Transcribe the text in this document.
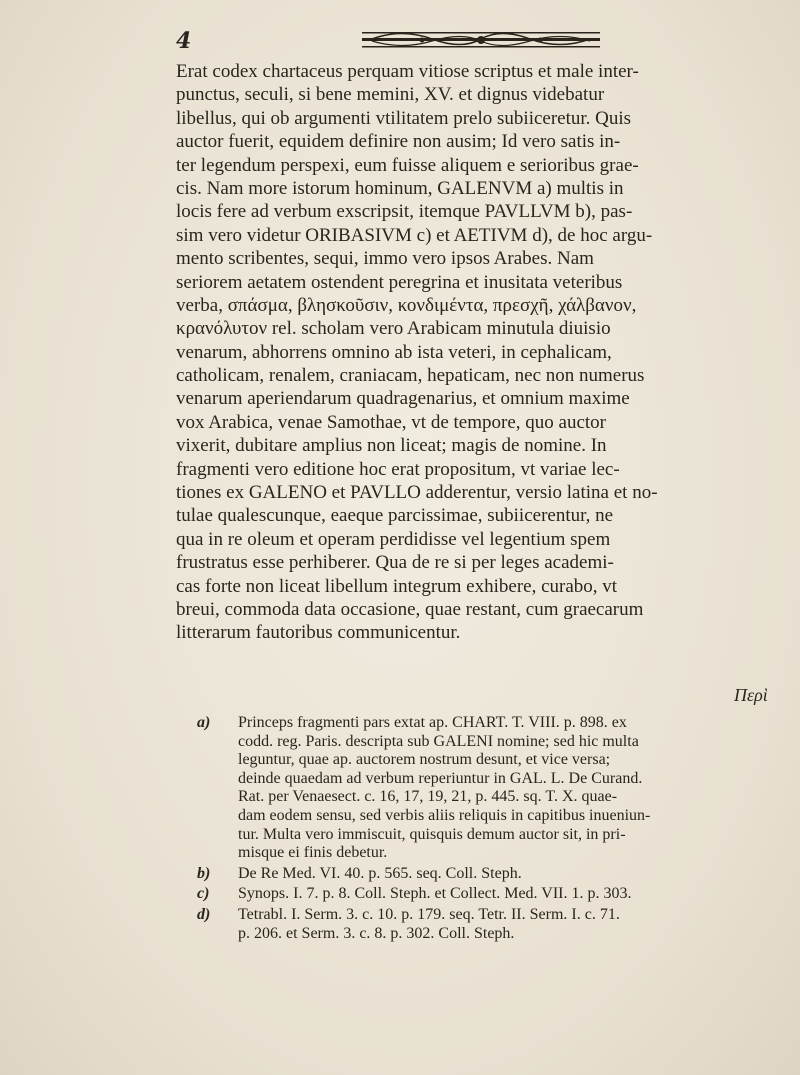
4
Erat codex chartaceus perquam vitiose scriptus et male inter-
punctus, seculi, si bene memini, XV. et dignus videbatur
libellus, qui ob argumenti vtilitatem prelo subiiceretur. Quis
auctor fuerit, equidem definire non ausim; Id vero satis in-
ter legendum perspexi, eum fuisse aliquem e serioribus grae-
cis. Nam more istorum hominum, GALENVM a) multis in
locis fere ad verbum exscripsit, itemque PAVLLVM b), pas-
sim vero videtur ORIBASIVM c) et AETIVM d), de hoc argu-
mento scribentes, sequi, immo vero ipsos Arabes. Nam
seriorem aetatem ostendent peregrina et inusitata veteribus
verba, σπάσμα, βλησκοῦσιν, κονδιμέντα, πρεσχῆ, χάλβανον,
κρανόλυτον rel. scholam vero Arabicam minutula diuisio
venarum, abhorrens omnino ab ista veteri, in cephalicam,
catholicam, renalem, craniacam, hepaticam, nec non numerus
venarum aperiendarum quadragenarius, et omnium maxime
vox Arabica, venae Samothae, vt de tempore, quo auctor
vixerit, dubitare amplius non liceat; magis de nomine. In
fragmenti vero editione hoc erat propositum, vt variae lec-
tiones ex GALENO et PAVLLO adderentur, versio latina et no-
tulae qualescunque, eaeque parcissimae, subiicerentur, ne
qua in re oleum et operam perdidisse vel legentium spem
frustratus esse perhiberer. Qua de re si per leges academi-
cas forte non liceat libellum integrum exhibere, curabo, vt
breui, commoda data occasione, quae restant, cum graecarum
litterarum fautoribus communicentur.
Περὶ
a) Princeps fragmenti pars extat ap. CHART. T. VIII. p. 898. ex
codd. reg. Paris. descripta sub GALENI nomine; sed hic multa
leguntur, quae ap. auctorem nostrum desunt, et vice versa;
deinde quaedam ad verbum reperiuntur in GAL. L. De Curand.
Rat. per Venaesect. c. 16, 17, 19, 21, p. 445. sq. T. X. quae-
dam eodem sensu, sed verbis aliis reliquis in capitibus inueniun-
tur. Multa vero immiscuit, quisquis demum auctor sit, in pri-
misque ei finis debetur.
b) De Re Med. VI. 40. p. 565. seq. Coll. Steph.
c) Synops. I. 7. p. 8. Coll. Steph. et Collect. Med. VII. 1. p. 303.
d) Tetrabl. I. Serm. 3. c. 10. p. 179. seq. Tetr. II. Serm. I. c. 71.
p. 206. et Serm. 3. c. 8. p. 302. Coll. Steph.
